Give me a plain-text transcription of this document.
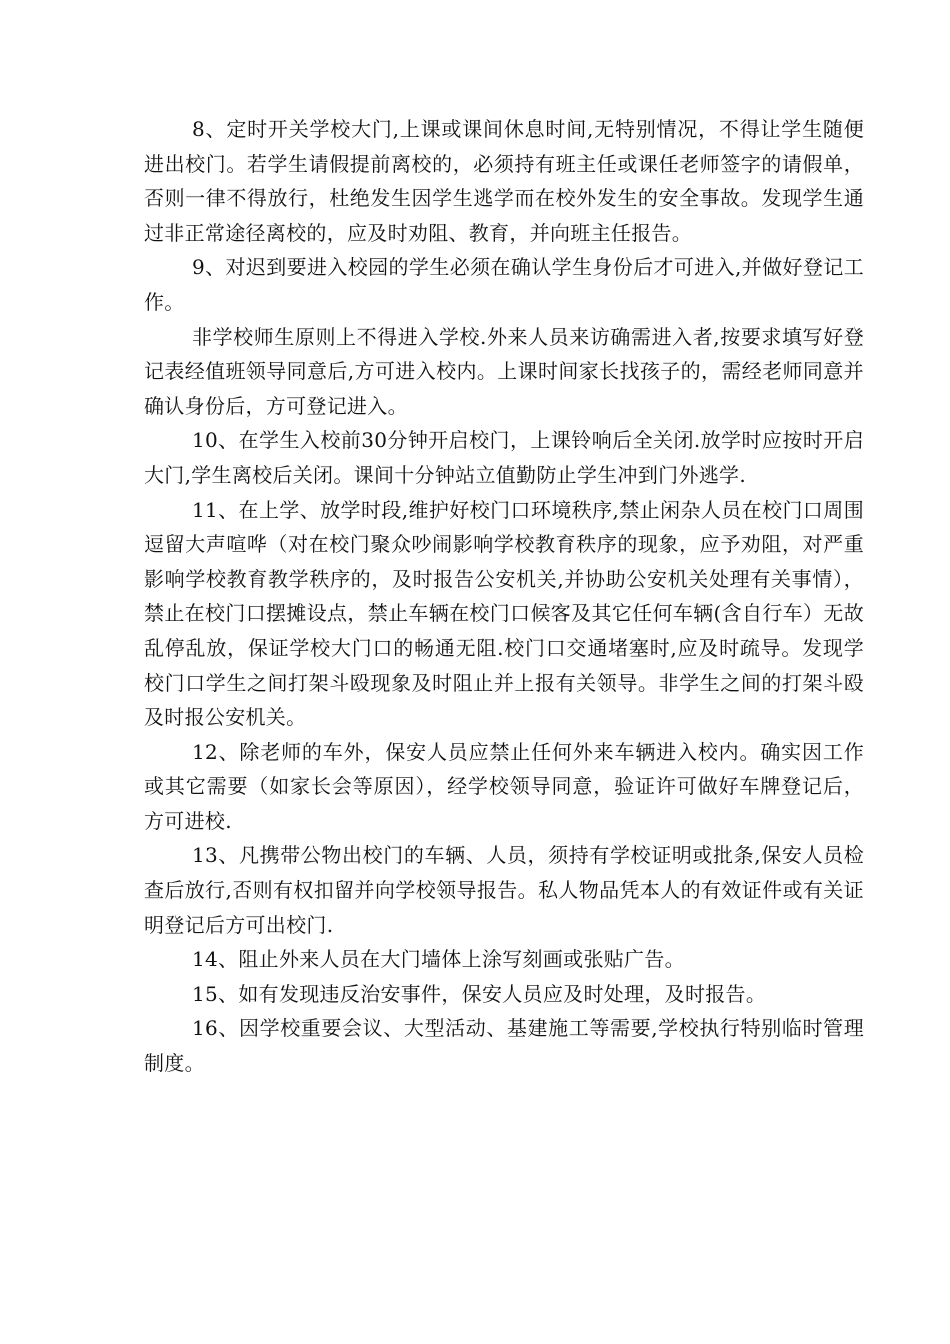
8、定时开关学校大门,上课或课间休息时间,无特别情况，不得让学生随便进出校门。若学生请假提前离校的，必须持有班主任或课任老师签字的请假单，否则一律不得放行，杜绝发生因学生逃学而在校外发生的安全事故。发现学生通过非正常途径离校的，应及时劝阻、教育，并向班主任报告。

9、对迟到要进入校园的学生必须在确认学生身份后才可进入,并做好登记工作。

非学校师生原则上不得进入学校.外来人员来访确需进入者,按要求填写好登记表经值班领导同意后,方可进入校内。上课时间家长找孩子的，需经老师同意并确认身份后，方可登记进入。

10、在学生入校前30分钟开启校门，上课铃响后全关闭.放学时应按时开启大门,学生离校后关闭。课间十分钟站立值勤防止学生冲到门外逃学.

11、在上学、放学时段,维护好校门口环境秩序,禁止闲杂人员在校门口周围逗留大声喧哗（对在校门聚众吵闹影响学校教育秩序的现象，应予劝阻，对严重影响学校教育教学秩序的，及时报告公安机关,并协助公安机关处理有关事情），禁止在校门口摆摊设点，禁止车辆在校门口候客及其它任何车辆(含自行车）无故乱停乱放，保证学校大门口的畅通无阻.校门口交通堵塞时,应及时疏导。发现学校门口学生之间打架斗殴现象及时阻止并上报有关领导。非学生之间的打架斗殴及时报公安机关。

12、除老师的车外，保安人员应禁止任何外来车辆进入校内。确实因工作或其它需要（如家长会等原因），经学校领导同意，验证许可做好车牌登记后，方可进校.

13、凡携带公物出校门的车辆、人员，须持有学校证明或批条,保安人员检查后放行,否则有权扣留并向学校领导报告。私人物品凭本人的有效证件或有关证明登记后方可出校门.

14、阻止外来人员在大门墙体上涂写刻画或张贴广告。

15、如有发现违反治安事件，保安人员应及时处理，及时报告。

16、因学校重要会议、大型活动、基建施工等需要,学校执行特别临时管理制度。
